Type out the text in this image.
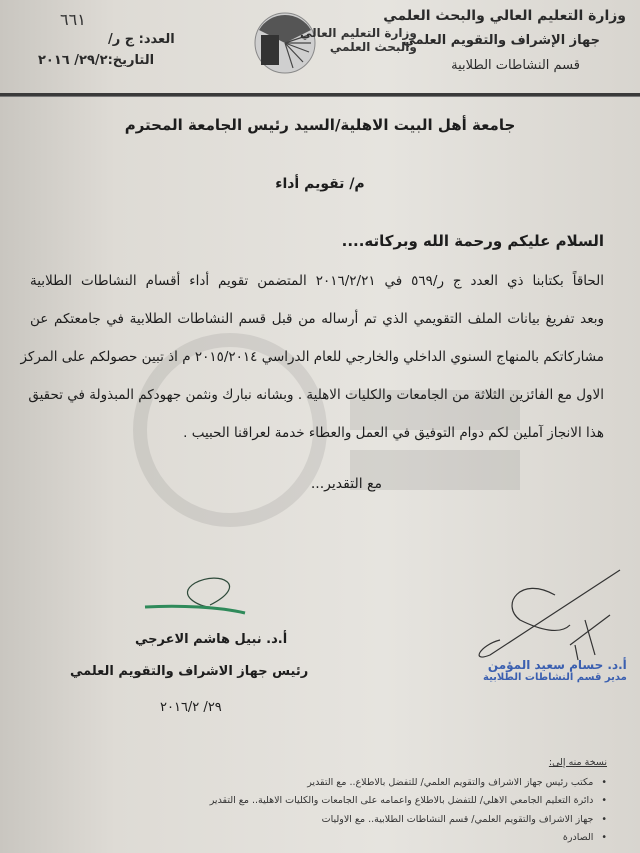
وزارة التعليم العالي والبحث العلمي
جهاز الإشراف والتقويم العلمي
قسم النشاطات الطلابية
وزارة التعليم العالي
والبحث العلمي
٦٦١
العدد: ج ر/
التاريخ:٢٩/٢/ ٢٠١٦
جامعة أهل البيت الاهلية/السيد رئيس الجامعة المحترم
م/ تقويم أداء
السلام عليكم ورحمة الله وبركاته....
الحاقاً بكتابنا ذي العدد ج ر/٥٦٩ في ٢٠١٦/٢/٢١ المتضمن تقويم أداء أقسام النشاطات الطلابية
وبعد تفريغ بيانات الملف التقويمي الذي تم أرساله من قبل قسم النشاطات الطلابية في جامعتكم عن
مشاركاتكم بالمنهاج السنوي الداخلي والخارجي للعام الدراسي ٢٠١٥/٢٠١٤ م اذ تبين حصولكم على المركز
الاول مع الفائزين الثلاثة من الجامعات والكليات الاهلية . وبشانه نبارك ونثمن جهودكم المبذولة في تحقيق
هذا الانجاز آملين لكم دوام التوفيق في العمل والعطاء خدمة لعراقنا الحبيب .
مع التقدير...
أ.د. نبيل هاشم الاعرجي
رئيس جهاز الاشراف والتقويم العلمي
٢٩/ ٢٠١٦/٢
أ.د. حسام سعيد المؤمن
مدير قسم النشاطات الطلابية
نسخة منه إلى:
• مكتب رئيس جهاز الاشراف والتقويم العلمي/ للتفضل بالاطلاع.. مع التقدير
• دائرة التعليم الجامعي الاهلي/ للتفضل بالاطلاع واعمامه على الجامعات والكليات الاهلية.. مع التقدير
• جهاز الاشراف والتقويم العلمي/ قسم النشاطات الطلابية.. مع الاوليات
• الصادرة
